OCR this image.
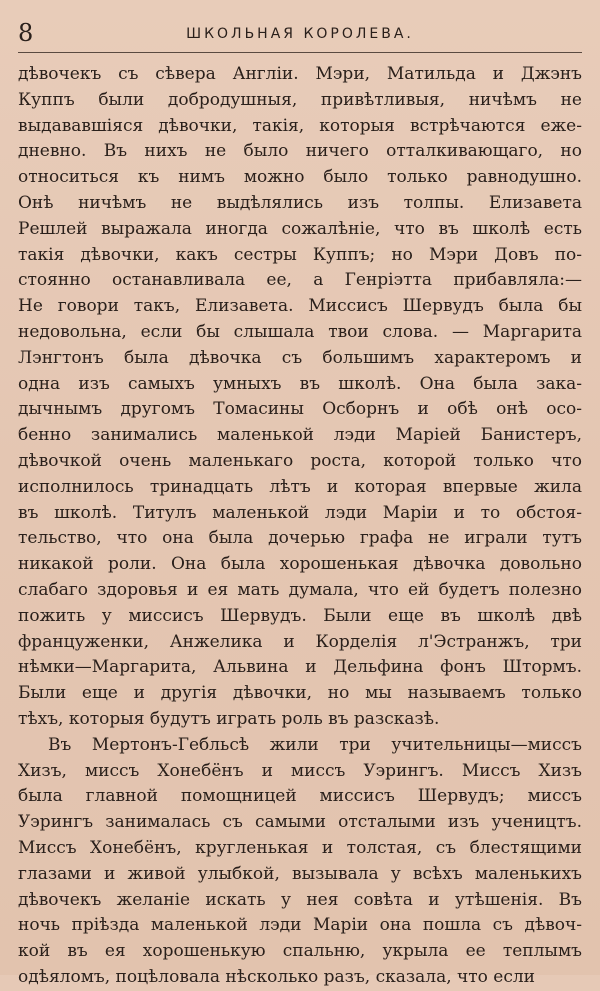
8	ШКОЛЬНАЯ КОРОЛЕВА.
дѣвочекъ съ сѣвера Англіи. Мэри, Матильда и Джэнъ
Куппъ были добродушныя, привѣтливыя, ничѣмъ не
выдававшіяся дѣвочки, такія, которыя встрѣчаются еже-
дневно. Въ нихъ не было ничего отталкивающаго, но
относиться къ нимъ можно было только равнодушно.
Онѣ ничѣмъ не выдѣлялись изъ толпы. Елизавета
Решлей выражала иногда сожалѣніе, что въ школѣ есть
такія дѣвочки, какъ сестры Куппъ; но Мэри Довъ по-
стоянно останавливала ее, а Генріэтта прибавляла:—
Не говори такъ, Елизавета. Миссисъ Шервудъ была бы
недовольна, если бы слышала твои слова. — Маргарита
Лэнгтонъ была дѣвочка съ большимъ характеромъ и
одна изъ самыхъ умныхъ въ школѣ. Она была зака-
дычнымъ другомъ Томасины Осборнъ и обѣ онѣ осо-
бенно занимались маленькой лэди Маріей Банистеръ,
дѣвочкой очень маленькаго роста, которой только что
исполнилось тринадцать лѣтъ и которая впервые жила
въ школѣ. Титулъ маленькой лэди Маріи и то обстоя-
тельство, что она была дочерью графа не играли тутъ
никакой роли. Она была хорошенькая дѣвочка довольно
слабаго здоровья и ея мать думала, что ей будетъ полезно
пожить у миссисъ Шервудъ. Были еще въ школѣ двѣ
француженки, Анжелика и Корделія л'Эстранжъ, три
нѣмки—Маргарита, Альвина и Дельфина фонъ Штормъ.
Были еще и другія дѣвочки, но мы называемъ только
тѣхъ, которыя будутъ играть роль въ разсказѣ.
Въ Мертонъ-Гебльсѣ жили три учительницы—миссъ
Хизъ, миссъ Хонебёнъ и миссъ Уэрингъ. Миссъ Хизъ
была главной помощницей миссисъ Шервудъ; миссъ
Уэрингъ занималась съ самыми отсталыми изъ учеництъ.
Миссъ Хонебёнъ, кругленькая и толстая, съ блестящими
глазами и живой улыбкой, вызывала у всѣхъ маленькихъ
дѣвочекъ желаніе искать у нея совѣта и утѣшенія. Въ
ночь пріѣзда маленькой лэди Маріи она пошла съ дѣвоч-
кой въ ея хорошенькую спальню, укрыла ее теплымъ
одѣяломъ, поцѣловала нѣсколько разъ, сказала, что если
